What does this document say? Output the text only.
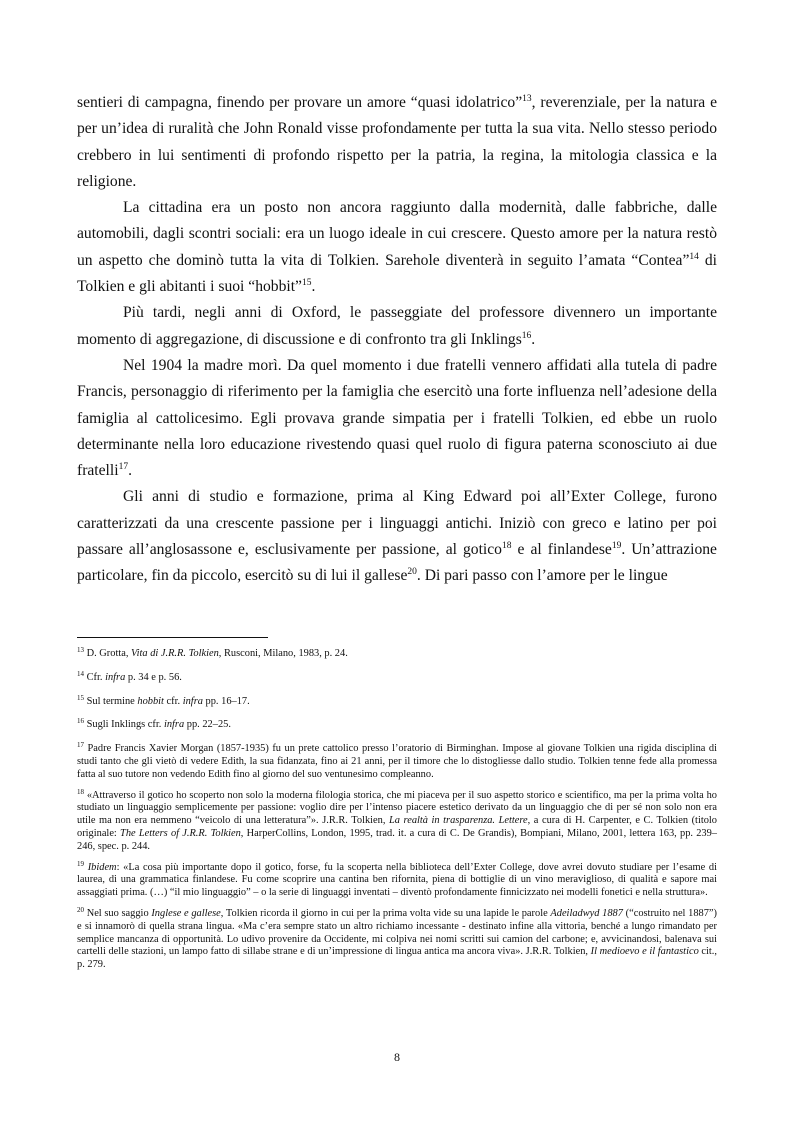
sentieri di campagna, finendo per provare un amore “quasi idolatrico”$^{13}$, reverenziale, per la natura e per un’idea di ruralità che John Ronald visse profondamente per tutta la sua vita. Nello stesso periodo crebbero in lui sentimenti di profondo rispetto per la patria, la regina, la mitologia classica e la religione.

La cittadina era un posto non ancora raggiunto dalla modernità, dalle fabbriche, dalle automobili, dagli scontri sociali: era un luogo ideale in cui crescere. Questo amore per la natura restò un aspetto che dominò tutta la vita di Tolkien. Sarehole diventerà in seguito l’amata “Contea”$^{14}$ di Tolkien e gli abitanti i suoi “hobbit”$^{15}$.

Più tardi, negli anni di Oxford, le passeggiate del professore divennero un importante momento di aggregazione, di discussione e di confronto tra gli Inklings$^{16}$.

Nel 1904 la madre morì. Da quel momento i due fratelli vennero affidati alla tutela di padre Francis, personaggio di riferimento per la famiglia che esercitò una forte influenza nell’adesione della famiglia al cattolicesimo. Egli provava grande simpatia per i fratelli Tolkien, ed ebbe un ruolo determinante nella loro educazione rivestendo quasi quel ruolo di figura paterna sconosciuto ai due fratelli$^{17}$.

Gli anni di studio e formazione, prima al King Edward poi all’Exter College, furono caratterizzati da una crescente passione per i linguaggi antichi. Iniziò con greco e latino per poi passare all’anglosassone e, esclusivamente per passione, al gotico$^{18}$ e al finlandese$^{19}$. Un’attrazione particolare, fin da piccolo, esercitò su di lui il gallese$^{20}$. Di pari passo con l’amore per le lingue

$^{13}$ D. Grotta, Vita di J.R.R. Tolkien, Rusconi, Milano, 1983, p. 24.
$^{14}$ Cfr. infra p. 34 e p. 56.
$^{15}$ Sul termine hobbit cfr. infra pp. 16–17.
$^{16}$ Sugli Inklings cfr. infra pp. 22–25.
$^{17}$ Padre Francis Xavier Morgan (1857-1935) fu un prete cattolico presso l’oratorio di Birminghan. Impose al giovane Tolkien una rigida disciplina di studi tanto che gli vietò di vedere Edith, la sua fidanzata, fino ai 21 anni, per il timore che lo distogliesse dallo studio. Tolkien tenne fede alla promessa fatta al suo tutore non vedendo Edith fino al giorno del suo ventunesimo compleanno.
$^{18}$ «Attraverso il gotico ho scoperto non solo la moderna filologia storica, che mi piaceva per il suo aspetto storico e scientifico, ma per la prima volta ho studiato un linguaggio semplicemente per passione: voglio dire per l’intenso piacere estetico derivato da un linguaggio che di per sé non solo non era utile ma non era nemmeno “veicolo di una letteratura”». J.R.R. Tolkien, La realtà in trasparenza. Lettere, a cura di H. Carpenter, e C. Tolkien (titolo originale: The Letters of J.R.R. Tolkien, HarperCollins, London, 1995, trad. it. a cura di C. De Grandis), Bompiani, Milano, 2001, lettera 163, pp. 239–246, spec. p. 244.
$^{19}$ Ibidem: «La cosa più importante dopo il gotico, forse, fu la scoperta nella biblioteca dell’Exter College, dove avrei dovuto studiare per l’esame di laurea, di una grammatica finlandese. Fu come scoprire una cantina ben rifornita, piena di bottiglie di un vino meraviglioso, di qualità e sapore mai assaggiati prima. (…) “il mio linguaggio” – o la serie di linguaggi inventati – diventò profondamente finnicizzato nei modelli fonetici e nella struttura».
$^{20}$ Nel suo saggio Inglese e gallese, Tolkien ricorda il giorno in cui per la prima volta vide su una lapide le parole Adeiladwyd 1887 (“costruito nel 1887”) e si innamorò di quella strana lingua. «Ma c’era sempre stato un altro richiamo incessante - destinato infine alla vittoria, benché a lungo rimandato per semplice mancanza di opportunità. Lo udivo provenire da Occidente, mi colpiva nei nomi scritti sui camion del carbone; e, avvicinandosi, balenava sui cartelli delle stazioni, un lampo fatto di sillabe strane e di un’impressione di lingua antica ma ancora viva». J.R.R. Tolkien, Il medioevo e il fantastico cit., p. 279.
8
